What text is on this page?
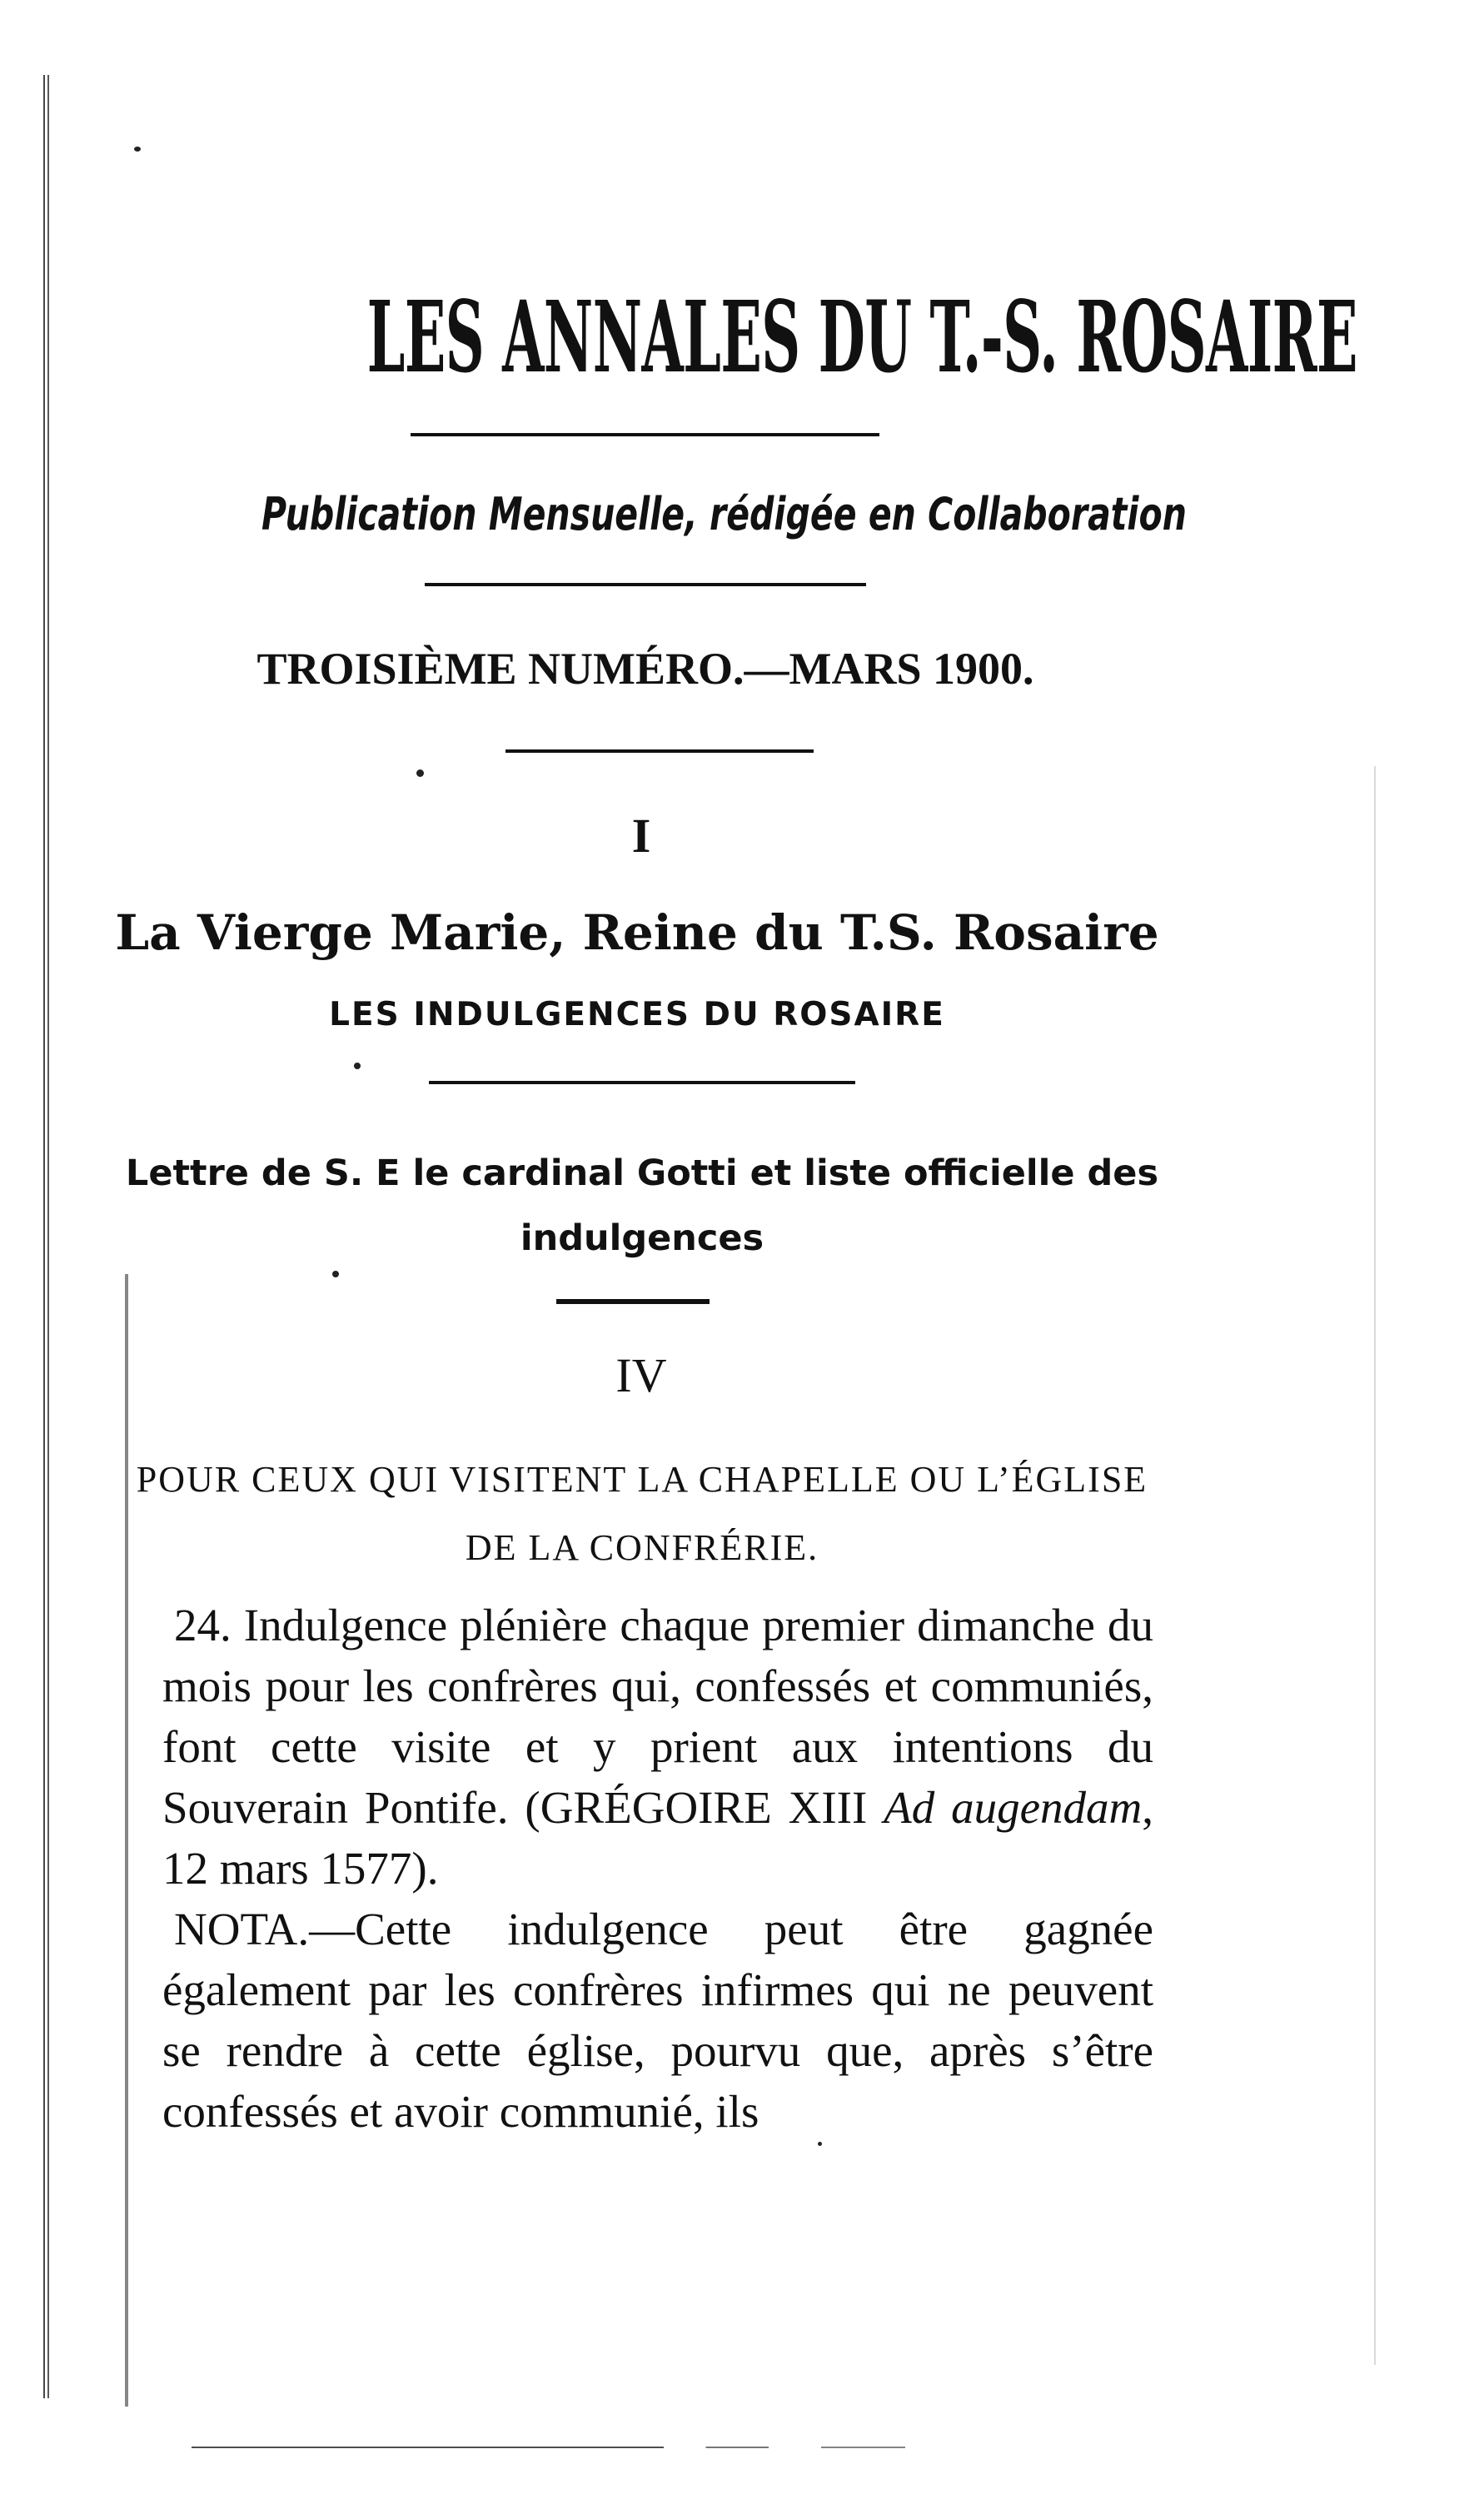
LES ANNALES DU T.-S. ROSAIRE
Publication Mensuelle, rédigée en Collaboration
TROISIÈME NUMÉRO.—MARS 1900.
I
La Vierge Marie, Reine du T.S. Rosaire
LES INDULGENCES DU ROSAIRE

Lettre de S. E le cardinal Gotti et liste officielle des indulgences

IV

POUR CEUX QUI VISITENT LA CHAPELLE OU L’ÉGLISE DE LA CONFRÉRIE.

24. Indulgence plénière chaque premier dimanche du mois pour les confrères qui, confessés et communiés, font cette visite et y prient aux intentions du Souverain Pontife. (GRÉGOIRE XIII Ad augendam, 12 mars 1577).

NOTA.—Cette indulgence peut être gagnée également par les confrères infirmes qui ne peuvent se rendre à cette église, pourvu que, après s’être confessés et avoir communié, ils
